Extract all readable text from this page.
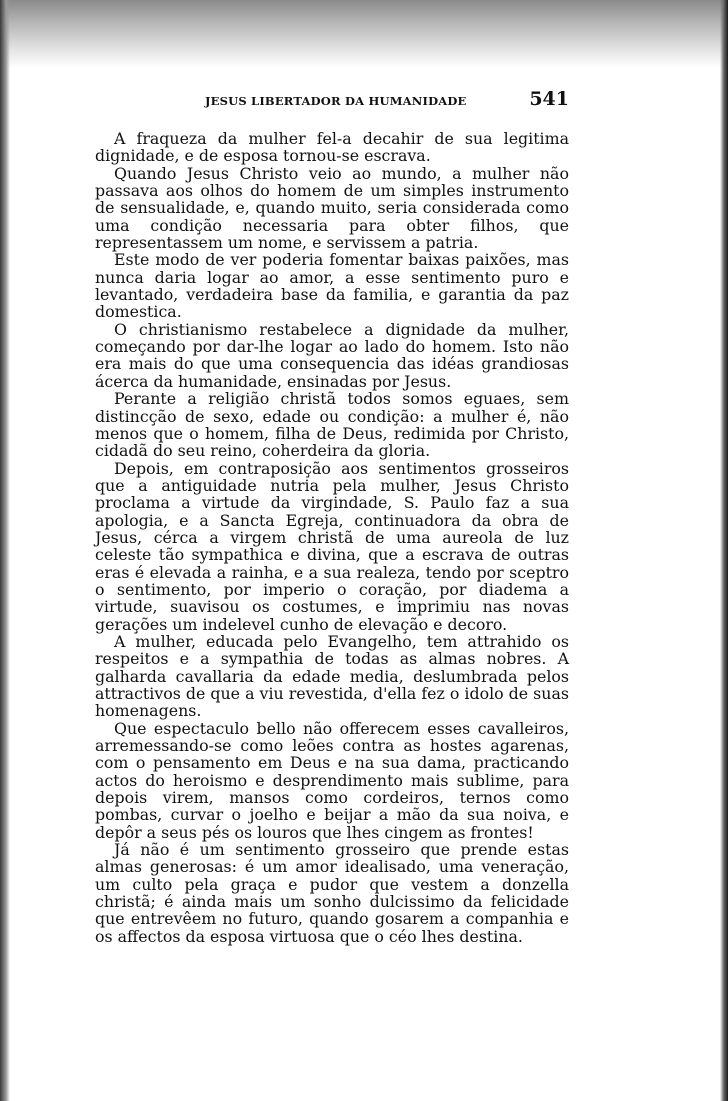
JESUS LIBERTADOR DA HUMANIDADE	541

A fraqueza da mulher fel-a decahir de sua legitima dignidade, e de esposa tornou-se escrava.

Quando Jesus Christo veio ao mundo, a mulher não passava aos olhos do homem de um simples instrumento de sensualidade, e, quando muito, seria considerada como uma condição necessaria para obter filhos, que representassem um nome, e servissem a patria.

Este modo de ver poderia fomentar baixas paixões, mas nunca daria logar ao amor, a esse sentimento puro e levantado, verdadeira base da familia, e garantia da paz domestica.

O christianismo restabelece a dignidade da mulher, começando por dar-lhe logar ao lado do homem. Isto não era mais do que uma consequencia das idéas grandiosas ácerca da humanidade, ensinadas por Jesus.

Perante a religião christã todos somos eguaes, sem distincção de sexo, edade ou condição: a mulher é, não menos que o homem, filha de Deus, redimida por Christo, cidadã do seu reino, coherdeira da gloria.

Depois, em contraposição aos sentimentos grosseiros que a antiguidade nutria pela mulher, Jesus Christo proclama a virtude da virgindade, S. Paulo faz a sua apologia, e a Sancta Egreja, continuadora da obra de Jesus, cérca a virgem christã de uma aureola de luz celeste tão sympathica e divina, que a escrava de outras eras é elevada a rainha, e a sua realeza, tendo por sceptro o sentimento, por imperio o coração, por diadema a virtude, suavisou os costumes, e imprimiu nas novas gerações um indelevel cunho de elevação e decoro.

A mulher, educada pelo Evangelho, tem attrahido os respeitos e a sympathia de todas as almas nobres. A galharda cavallaria da edade media, deslumbrada pelos attractivos de que a viu revestida, d'ella fez o idolo de suas homenagens.

Que espectaculo bello não offerecem esses cavalleiros, arremessando-se como leões contra as hostes agarenas, com o pensamento em Deus e na sua dama, practicando actos do heroismo e desprendimento mais sublime, para depois virem, mansos como cordeiros, ternos como pombas, curvar o joelho e beijar a mão da sua noiva, e depôr a seus pés os louros que lhes cingem as frontes!

Já não é um sentimento grosseiro que prende estas almas generosas: é um amor idealisado, uma veneração, um culto pela graça e pudor que vestem a donzella christã; é ainda mais um sonho dulcissimo da felicidade que entrevêem no futuro, quando gosarem a companhia e os affectos da esposa virtuosa que o céo lhes destina.
